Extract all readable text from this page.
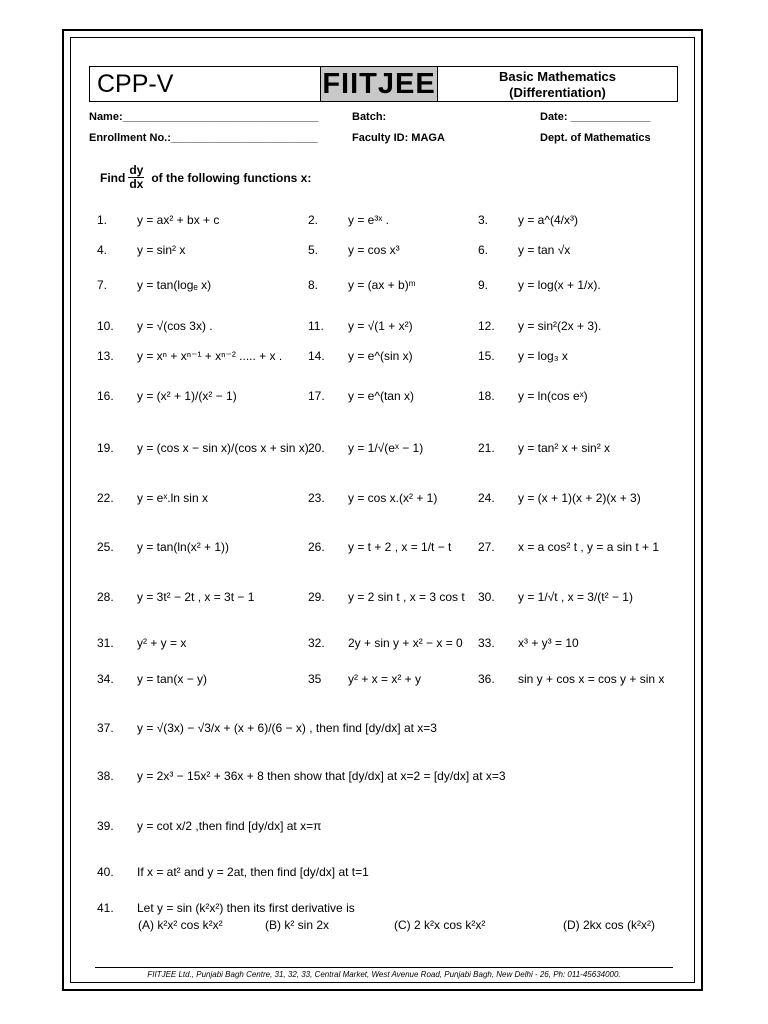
CPP-V	FIITJEE	Basic Mathematics
(Differentiation)
Name:________________________________	Batch:	Date: _____________
Enrollment No.:________________________	Faculty ID: MAGA	Dept. of Mathematics
Find $\frac{dy}{dx}$ of the following functions x:
1.	y = ax² + bx + c	2.	y = e³ˣ .	3.	y = a^(4/x³)
4.	y = sin² x	5.	y = cos x³	6.	y = tan √x
7.	y = tan(logₑ x)	8.	y = (ax + b)ᵐ	9.	y = log(x + 1/x).
10.	y = √(cos 3x) .	11.	y = √(1 + x²)	12.	y = sin²(2x + 3).
13.	y = xⁿ + xⁿ⁻¹ + xⁿ⁻² ..... + x . 14.	y = e^(sin x)	15.	y = log₃ x
16.	y = (x² + 1)/(x² − 1)	17.	y = e^(tan x)	18.	y = ln(cos eˣ)
19.	y = (cos x − sin x)/(cos x + sin x) 20.	y = 1/√(eˣ − 1)	21.	y = tan² x + sin² x
22.	y = eˣ.ln sin x	23.	y = cos x.(x² + 1)	24.	y = (x + 1)(x + 2)(x + 3)
25.	y = tan(ln(x² + 1))	26.	y = t + 2 , x = 1/t − t 27.	x = a cos² t , y = a sin t + 1
28.	y = 3t² − 2t , x = 3t − 1	29.	y = 2 sin t , x = 3 cos t 30.	y = 1/√t , x = 3/(t² − 1)
31.	y² + y = x	32.	2y + sin y + x² − x = 0 33.	x³ + y³ = 10
34.	y = tan(x − y)	35	y² + x = x² + y	36.	sin y + cos x = cos y + sin x
37.	y = √(3x) − √3/x + (x + 6)/(6 − x) , then find [dy/dx] at x=3
38.	y = 2x³ − 15x² + 36x + 8 then show that [dy/dx] at x=2 = [dy/dx] at x=3
39.	y = cot x/2 ,then find [dy/dx] at x=π
40.	If x = at² and y = 2at, then find [dy/dx] at t=1
41.	Let y = sin (k²x²) then its first derivative is
(A) k²x² cos k²x²	(B) k² sin 2x	(C) 2 k²x cos k²x²	(D) 2kx cos (k²x²)
FIITJEE Ltd., Punjabi Bagh Centre, 31, 32, 33, Central Market, West Avenue Road, Punjabi Bagh, New Delhi - 26, Ph: 011-45634000.
